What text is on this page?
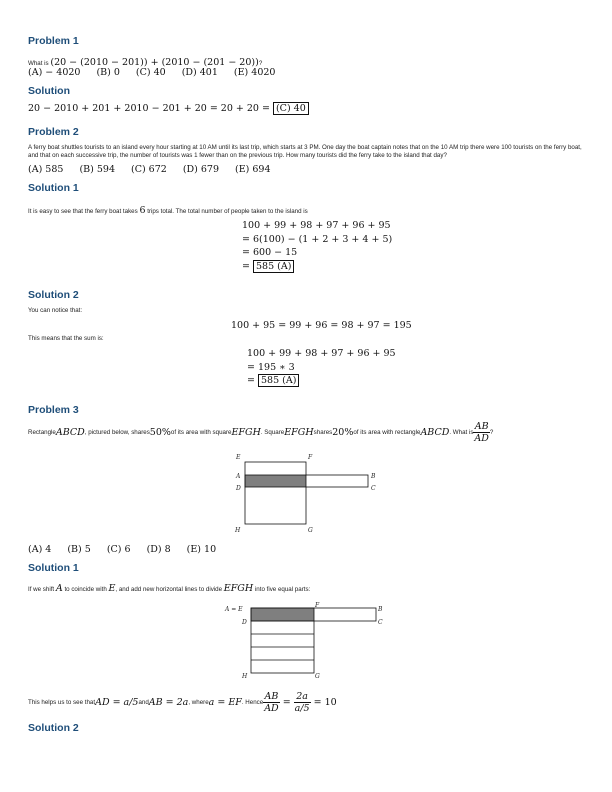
Problem 1
What is (20 − (2010 − 201)) + (2010 − (201 − 20))?
(A) − 4020 (B) 0 (C) 40 (D) 401 (E) 4020
Solution
20 − 2010 + 201 + 2010 − 201 + 20 = 20 + 20 = (C) 40
Problem 2
A ferry boat shuttles tourists to an island every hour starting at 10 AM until its last trip, which starts at 3 PM. One day the boat captain notes that on the 10 AM trip there were 100 tourists on the ferry boat, and that on each successive trip, the number of tourists was 1 fewer than on the previous trip. How many tourists did the ferry take to the island that day?
(A) 585 (B) 594 (C) 672 (D) 679 (E) 694
Solution 1
It is easy to see that the ferry boat takes 6 trips total. The total number of people taken to the island is
100 + 99 + 98 + 97 + 96 + 95
= 6(100) − (1 + 2 + 3 + 4 + 5)
= 600 − 15
= 585 (A)
Solution 2
You can notice that:
100 + 95 = 99 + 96 = 98 + 97 = 195
This means that the sum is:
100 + 99 + 98 + 97 + 96 + 95
= 195 ∗ 3
= 585 (A)
Problem 3
Rectangle ABCD , pictured below, shares 50% of its area with square EFGH . Square EFGH shares 20% of its area with rectangle ABCD . What is $\frac{AB}{AD}$ ?
E	F
A
D
B
C
H	G
(A) 4 (B) 5 (C) 6 (D) 8 (E) 10
Solution 1
If we shift A to coincide with E, and add new horizontal lines to divide EFGH into five equal parts:
A = E
F
B
D	C
H	G
This helps us to see that AD = a/5 and AB = 2a , where a = EF . Hence $\frac{AB}{AD} = \frac{2a}{a/5} = 10$
Solution 2
